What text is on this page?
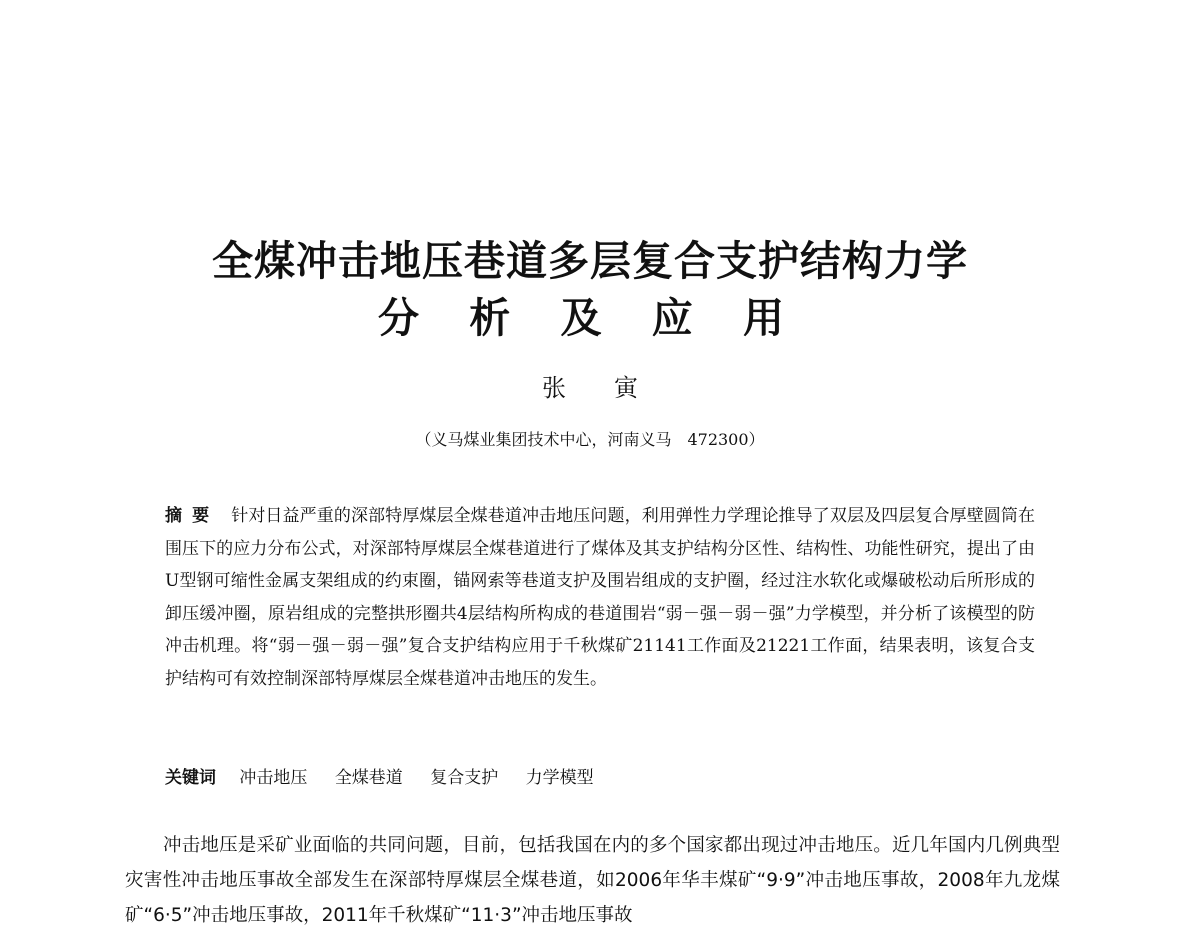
全煤冲击地压巷道多层复合支护结构力学
分 析 及 应 用
张　　寅
（义马煤业集团技术中心，河南义马　472300）
摘要 针对日益严重的深部特厚煤层全煤巷道冲击地压问题，利用弹性力学理论推导了双层及四层复合厚壁圆筒在围压下的应力分布公式，对深部特厚煤层全煤巷道进行了煤体及其支护结构分区性、结构性、功能性研究，提出了由U型钢可缩性金属支架组成的约束圈，锚网索等巷道支护及围岩组成的支护圈，经过注水软化或爆破松动后所形成的卸压缓冲圈，原岩组成的完整拱形圈共4层结构所构成的巷道围岩“弱－强－弱－强”力学模型，并分析了该模型的防冲击机理。将“弱－强－弱－强”复合支护结构应用于千秋煤矿21141工作面及21221工作面，结果表明，该复合支护结构可有效控制深部特厚煤层全煤巷道冲击地压的发生。
关键词 冲击地压 全煤巷道 复合支护 力学模型

冲击地压是采矿业面临的共同问题，目前，包括我国在内的多个国家都出现过冲击地压。近几年国内几例典型灾害性冲击地压事故全部发生在深部特厚煤层全煤巷道，如2006年华丰煤矿“9·9”冲击地压事故，2008年九龙煤矿“6·5”冲击地压事故，2011年千秋煤矿“11·3”冲击地压事故
